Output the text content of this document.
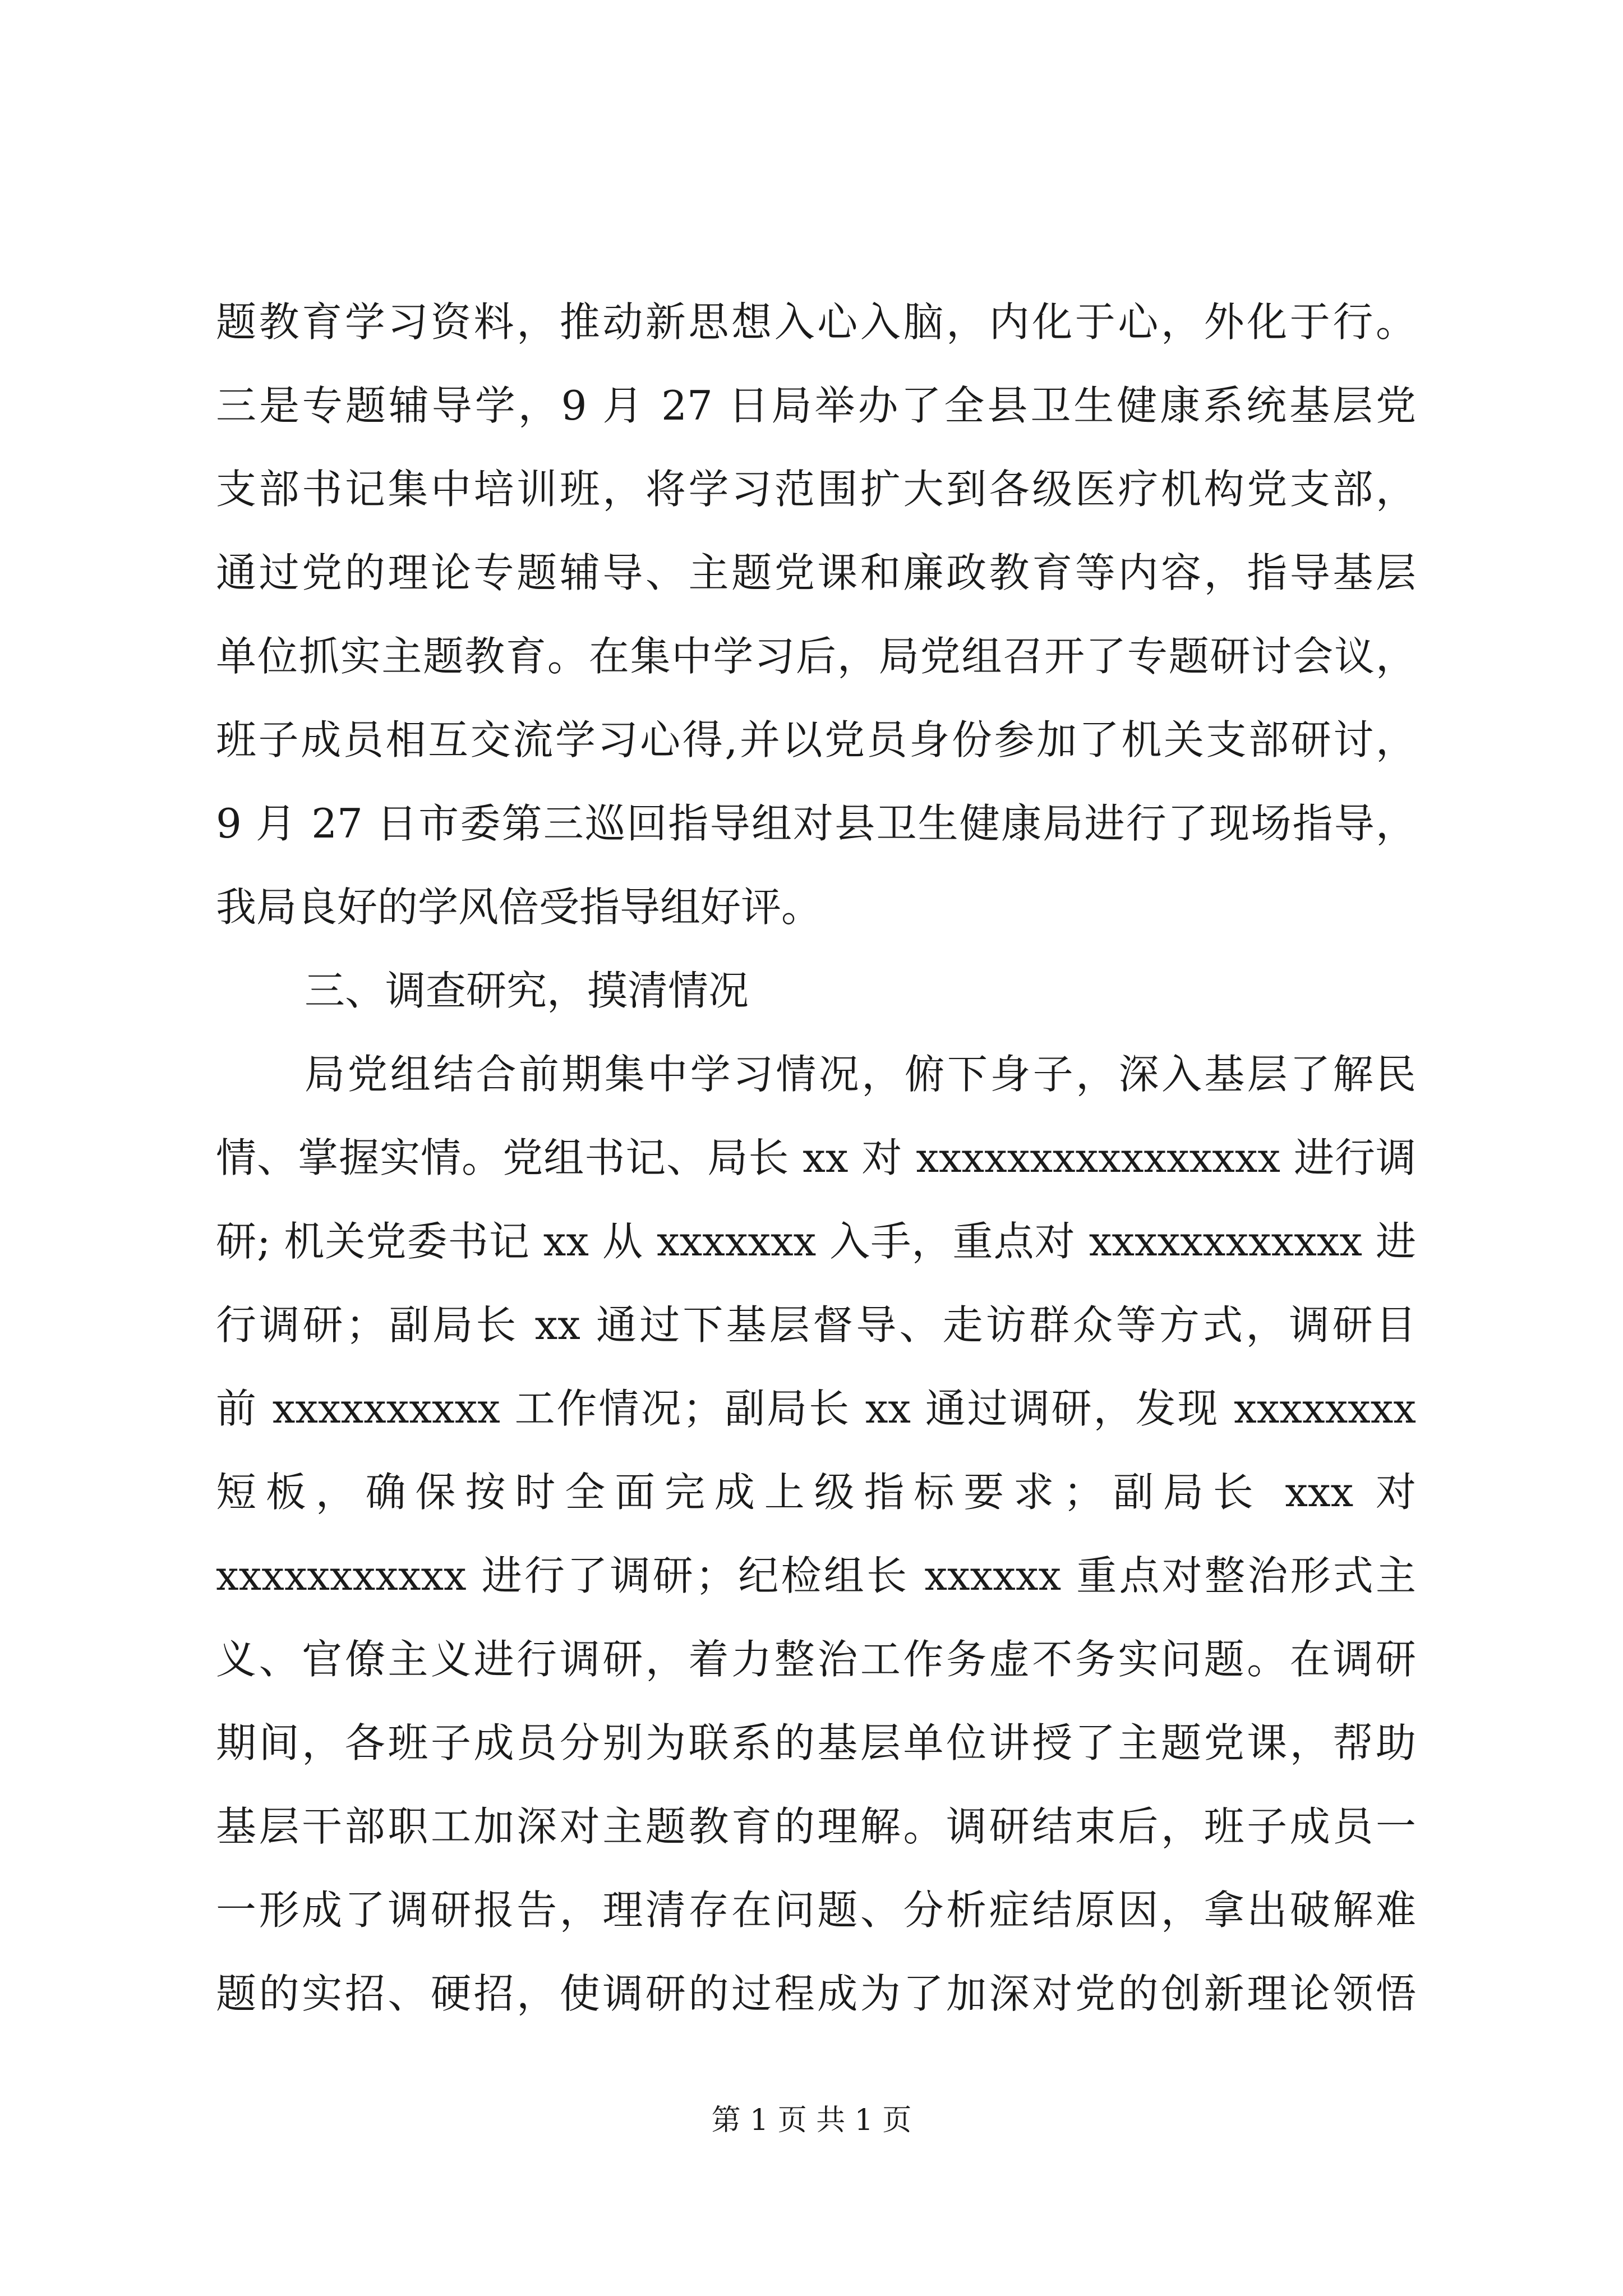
题教育学习资料，推动新思想入心入脑，内化于心，外化于行。
三是专题辅导学，9 月 27 日局举办了全县卫生健康系统基层党
支部书记集中培训班，将学习范围扩大到各级医疗机构党支部，
通过党的理论专题辅导、主题党课和廉政教育等内容，指导基层
单位抓实主题教育。在集中学习后，局党组召开了专题研讨会议，
班子成员相互交流学习心得,并以党员身份参加了机关支部研讨，
9 月 27 日市委第三巡回指导组对县卫生健康局进行了现场指导，
我局良好的学风倍受指导组好评。
三、调查研究，摸清情况
局党组结合前期集中学习情况，俯下身子，深入基层了解民
情、掌握实情。党组书记、局长 xx 对 xxxxxxxxxxxxxxxx 进行调
研; 机关党委书记 xx 从 xxxxxxx 入手，重点对 xxxxxxxxxxxx 进
行调研；副局长 xx 通过下基层督导、走访群众等方式，调研目
前 xxxxxxxxxx 工作情况；副局长 xx 通过调研，发现 xxxxxxxx
短板，确保按时全面完成上级指标要求；副局长 xxx 对
xxxxxxxxxxx 进行了调研；纪检组长 xxxxxx 重点对整治形式主
义、官僚主义进行调研，着力整治工作务虚不务实问题。在调研
期间，各班子成员分别为联系的基层单位讲授了主题党课，帮助
基层干部职工加深对主题教育的理解。调研结束后，班子成员一
一形成了调研报告，理清存在问题、分析症结原因，拿出破解难
题的实招、硬招，使调研的过程成为了加深对党的创新理论领悟
第 1 页 共 1 页
